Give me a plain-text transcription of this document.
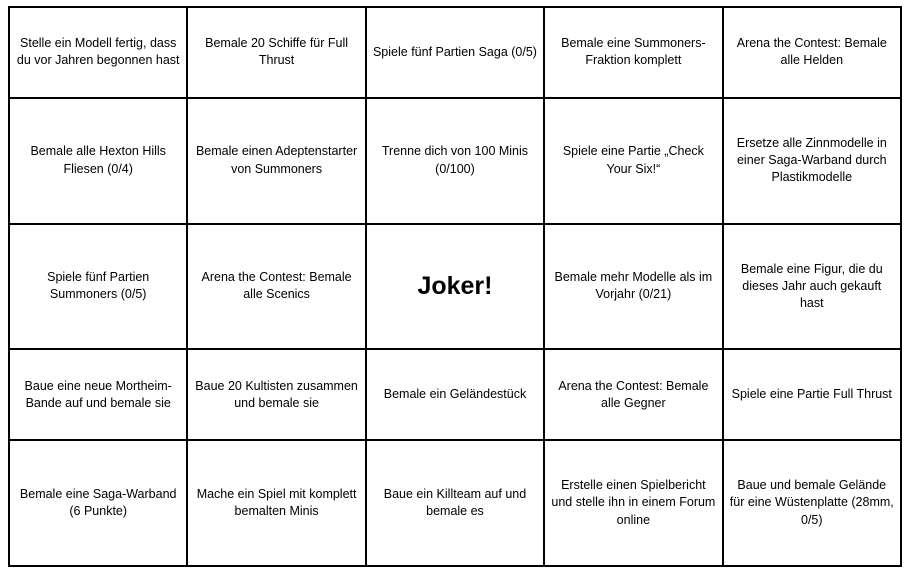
Stelle ein Modell fertig, dass du vor Jahren begonnen hast	Bemale 20 Schiffe für Full Thrust	Spiele fünf Partien Saga (0/5)	Bemale eine Summoners-Fraktion komplett	Arena the Contest: Bemale alle Helden

Bemale alle Hexton Hills Fliesen (0/4)	Bemale einen Adeptenstarter von Summoners	Trenne dich von 100 Minis (0/100)	Spiele eine Partie „Check Your Six!“	Ersetze alle Zinnmodelle in einer Saga-Warband durch Plastikmodelle

Spiele fünf Partien Summoners (0/5)	Arena the Contest: Bemale alle Scenics	Joker!	Bemale mehr Modelle als im Vorjahr (0/21)	Bemale eine Figur, die du dieses Jahr auch gekauft hast

Baue eine neue Mortheim-Bande auf und bemale sie	Baue 20 Kultisten zusammen und bemale sie	Bemale ein Geländestück	Arena the Contest: Bemale alle Gegner	Spiele eine Partie Full Thrust

Bemale eine Saga-Warband (6 Punkte)	Mache ein Spiel mit komplett bemalten Minis	Baue ein Killteam auf und bemale es	Erstelle einen Spielbericht und stelle ihn in einem Forum online	Baue und bemale Gelände für eine Wüstenplatte (28mm, 0/5)
